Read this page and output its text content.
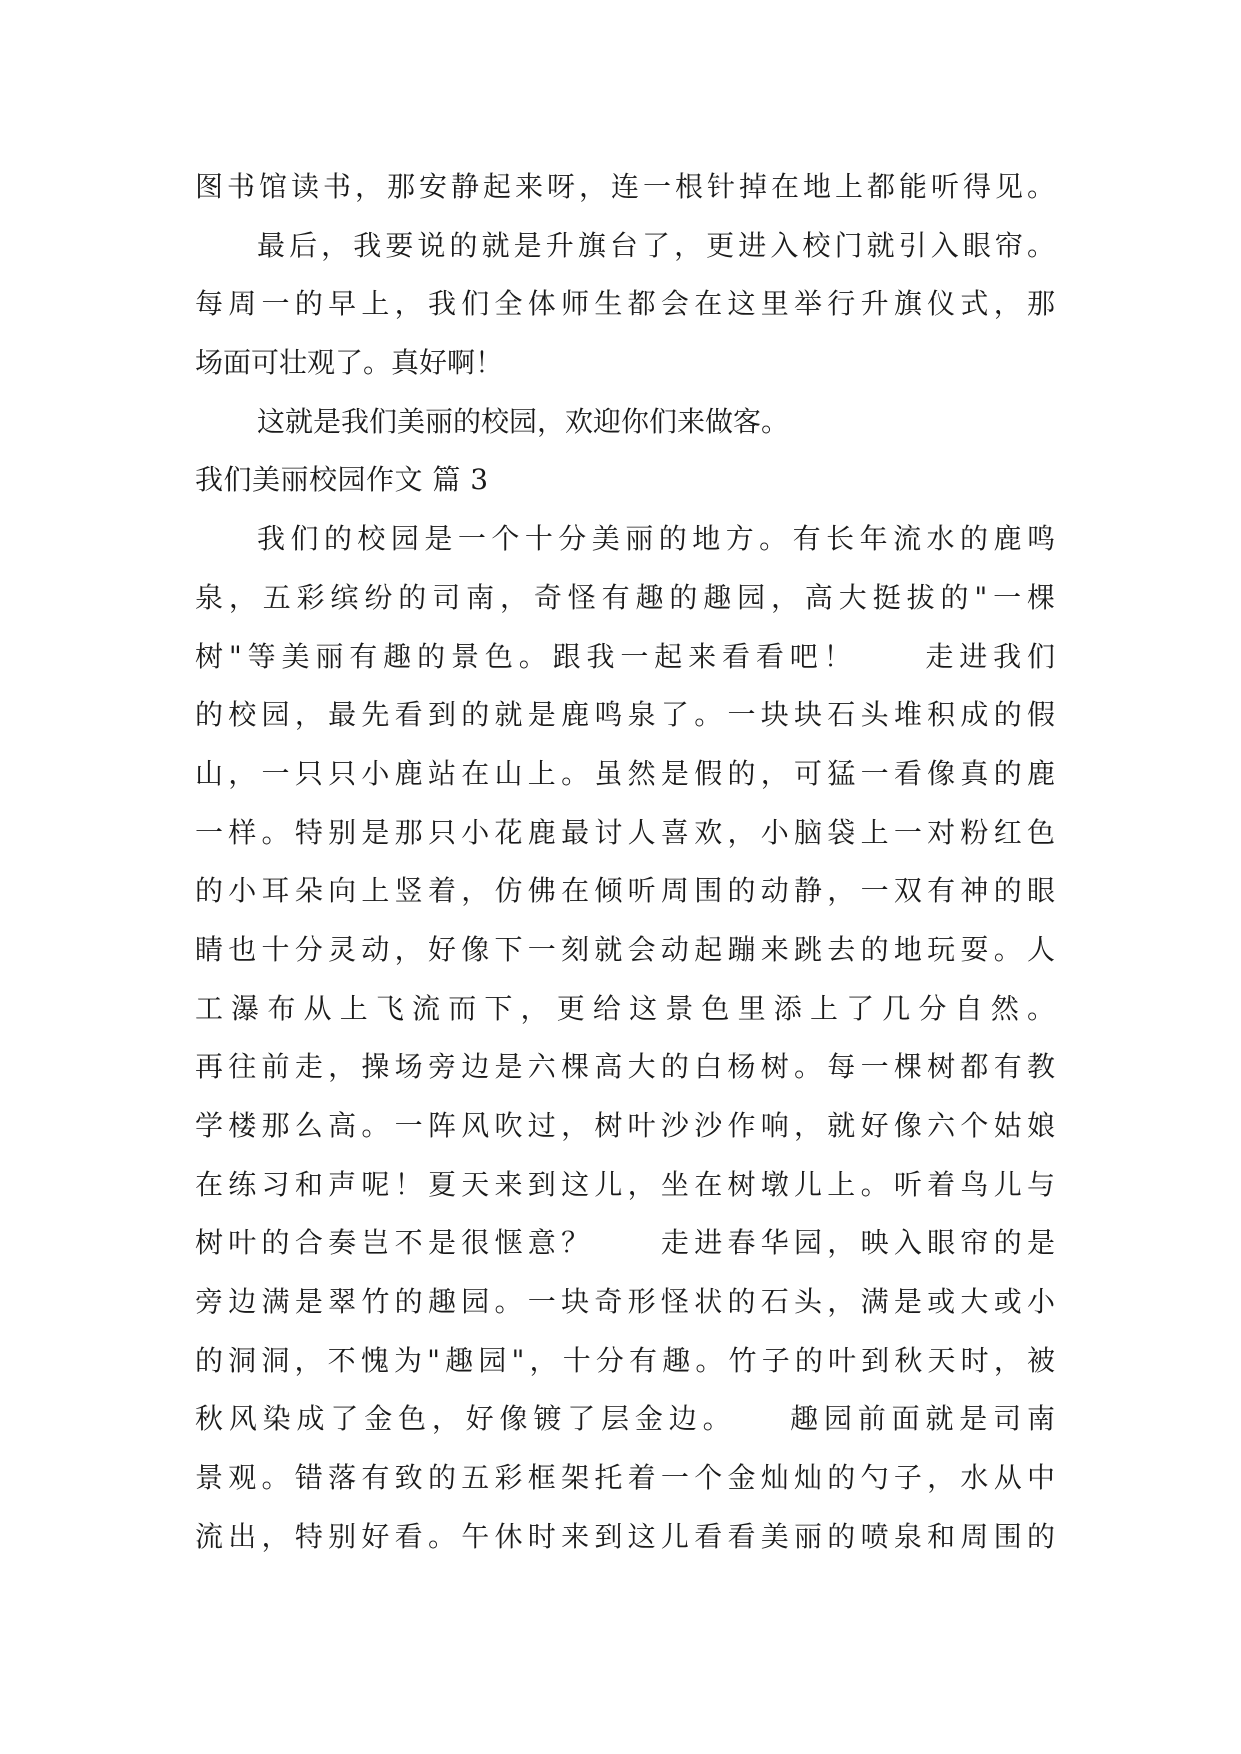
图书馆读书，那安静起来呀，连一根针掉在地上都能听得见。
最后，我要说的就是升旗台了，更进入校门就引入眼帘。
每周一的早上，我们全体师生都会在这里举行升旗仪式，那
场面可壮观了。真好啊！
这就是我们美丽的校园，欢迎你们来做客。
我们美丽校园作文 篇 3
我们的校园是一个十分美丽的地方。有长年流水的鹿鸣
泉，五彩缤纷的司南，奇怪有趣的趣园，高大挺拔的"一棵
树"等美丽有趣的景色。跟我一起来看看吧！　　走进我们
的校园，最先看到的就是鹿鸣泉了。一块块石头堆积成的假
山，一只只小鹿站在山上。虽然是假的，可猛一看像真的鹿
一样。特别是那只小花鹿最讨人喜欢，小脑袋上一对粉红色
的小耳朵向上竖着，仿佛在倾听周围的动静，一双有神的眼
睛也十分灵动，好像下一刻就会动起蹦来跳去的地玩耍。人
工瀑布从上飞流而下，更给这景色里添上了几分自然。
再往前走，操场旁边是六棵高大的白杨树。每一棵树都有教
学楼那么高。一阵风吹过，树叶沙沙作响，就好像六个姑娘
在练习和声呢！夏天来到这儿，坐在树墩儿上。听着鸟儿与
树叶的合奏岂不是很惬意？　　走进春华园，映入眼帘的是
旁边满是翠竹的趣园。一块奇形怪状的石头，满是或大或小
的洞洞，不愧为"趣园"，十分有趣。竹子的叶到秋天时，被
秋风染成了金色，好像镀了层金边。　　趣园前面就是司南
景观。错落有致的五彩框架托着一个金灿灿的勺子，水从中
流出，特别好看。午休时来到这儿看看美丽的喷泉和周围的
